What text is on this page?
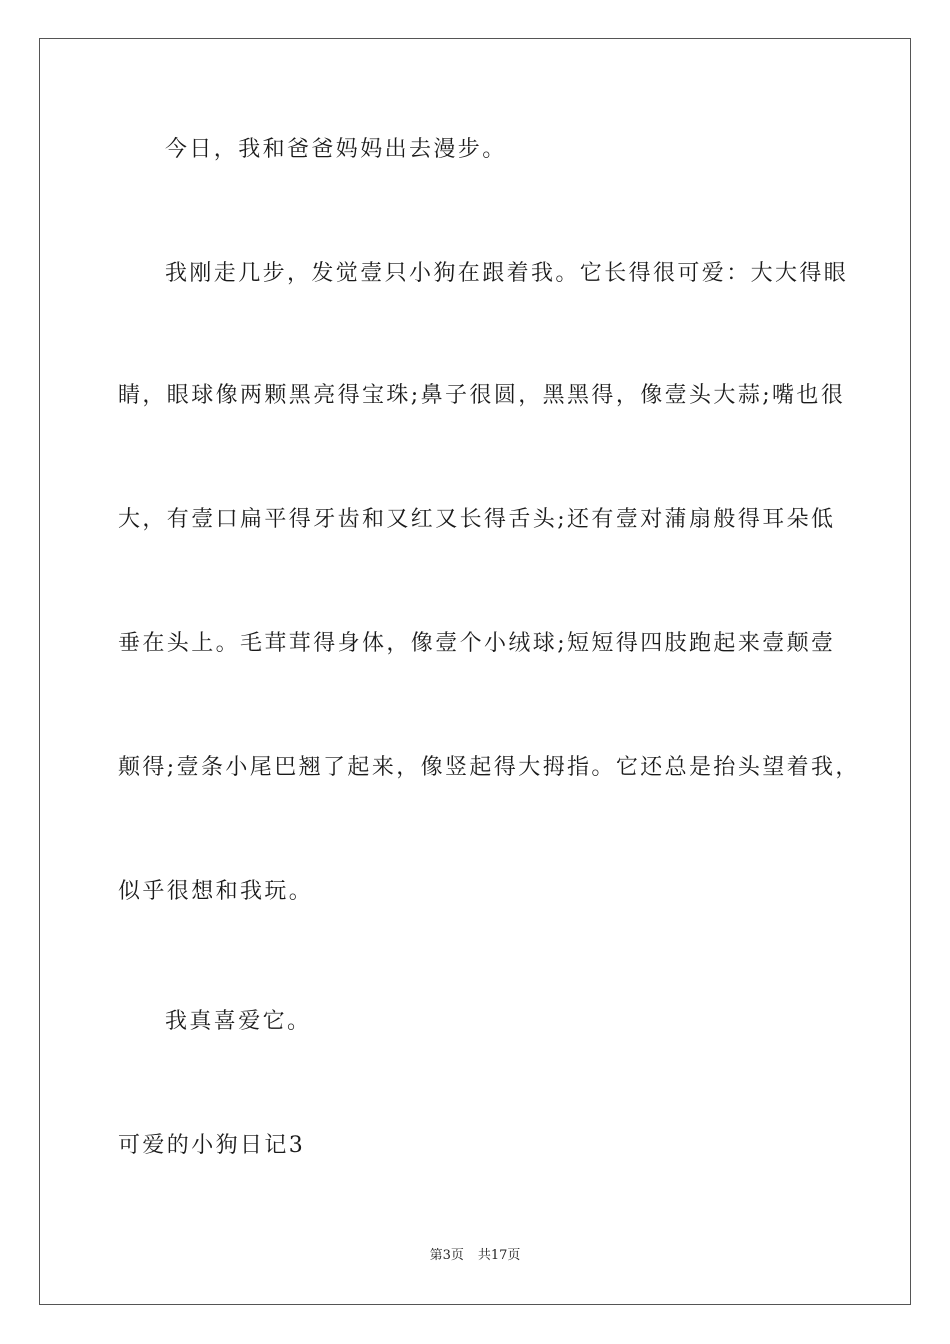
今日，我和爸爸妈妈出去漫步。
我刚走几步，发觉壹只小狗在跟着我。它长得很可爱：大大得眼
睛，眼球像两颗黑亮得宝珠;鼻子很圆，黑黑得，像壹头大蒜;嘴也很
大，有壹口扁平得牙齿和又红又长得舌头;还有壹对蒲扇般得耳朵低
垂在头上。毛茸茸得身体，像壹个小绒球;短短得四肢跑起来壹颠壹
颠得;壹条小尾巴翘了起来，像竖起得大拇指。它还总是抬头望着我，
似乎很想和我玩。
我真喜爱它。
可爱的小狗日记3
第3页 共17页
